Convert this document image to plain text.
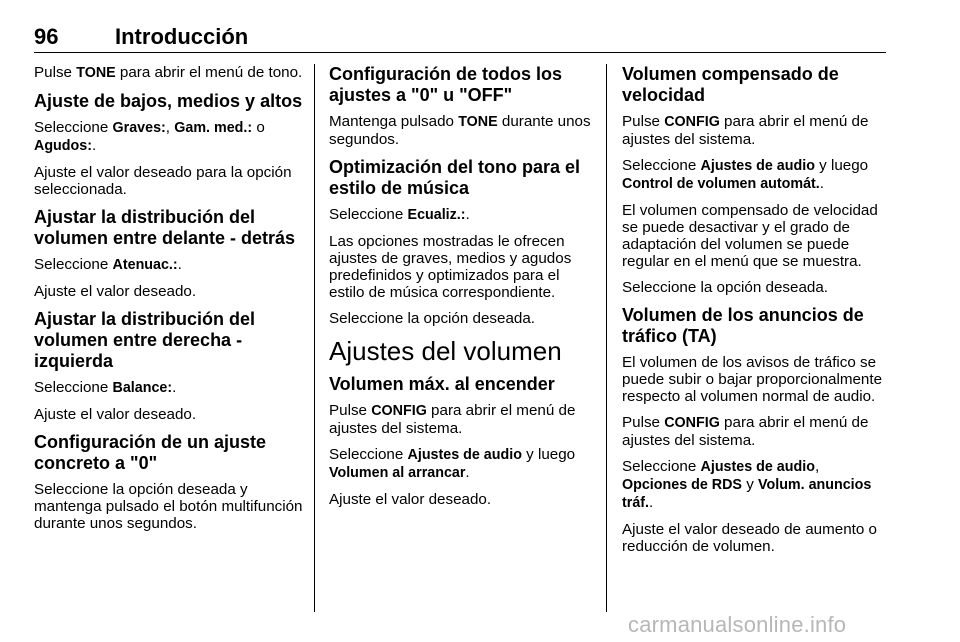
96	Introducción

Pulse TONE para abrir el menú de tono.

Ajuste de bajos, medios y altos

Seleccione Graves:, Gam. med.: o Agudos:.

Ajuste el valor deseado para la opción seleccionada.

Ajustar la distribución del volumen entre delante - detrás

Seleccione Atenuac.:.

Ajuste el valor deseado.

Ajustar la distribución del volumen entre derecha - izquierda

Seleccione Balance:.

Ajuste el valor deseado.

Configuración de un ajuste concreto a "0"

Seleccione la opción deseada y mantenga pulsado el botón multifunción durante unos segundos.

Configuración de todos los ajustes a "0" u "OFF"

Mantenga pulsado TONE durante unos segundos.

Optimización del tono para el estilo de música

Seleccione Ecualiz.:.

Las opciones mostradas le ofrecen ajustes de graves, medios y agudos predefinidos y optimizados para el estilo de música correspondiente.

Seleccione la opción deseada.

Ajustes del volumen
Volumen máx. al encender

Pulse CONFIG para abrir el menú de ajustes del sistema.

Seleccione Ajustes de audio y luego Volumen al arrancar.

Ajuste el valor deseado.

Volumen compensado de velocidad

Pulse CONFIG para abrir el menú de ajustes del sistema.

Seleccione Ajustes de audio y luego Control de volumen automát..

El volumen compensado de velocidad se puede desactivar y el grado de adaptación del volumen se puede regular en el menú que se muestra.

Seleccione la opción deseada.

Volumen de los anuncios de tráfico (TA)

El volumen de los avisos de tráfico se puede subir o bajar proporcionalmente respecto al volumen normal de audio.

Pulse CONFIG para abrir el menú de ajustes del sistema.

Seleccione Ajustes de audio, Opciones de RDS y Volum. anuncios tráf..

Ajuste el valor deseado de aumento o reducción de volumen.

carmanualsonline.info
